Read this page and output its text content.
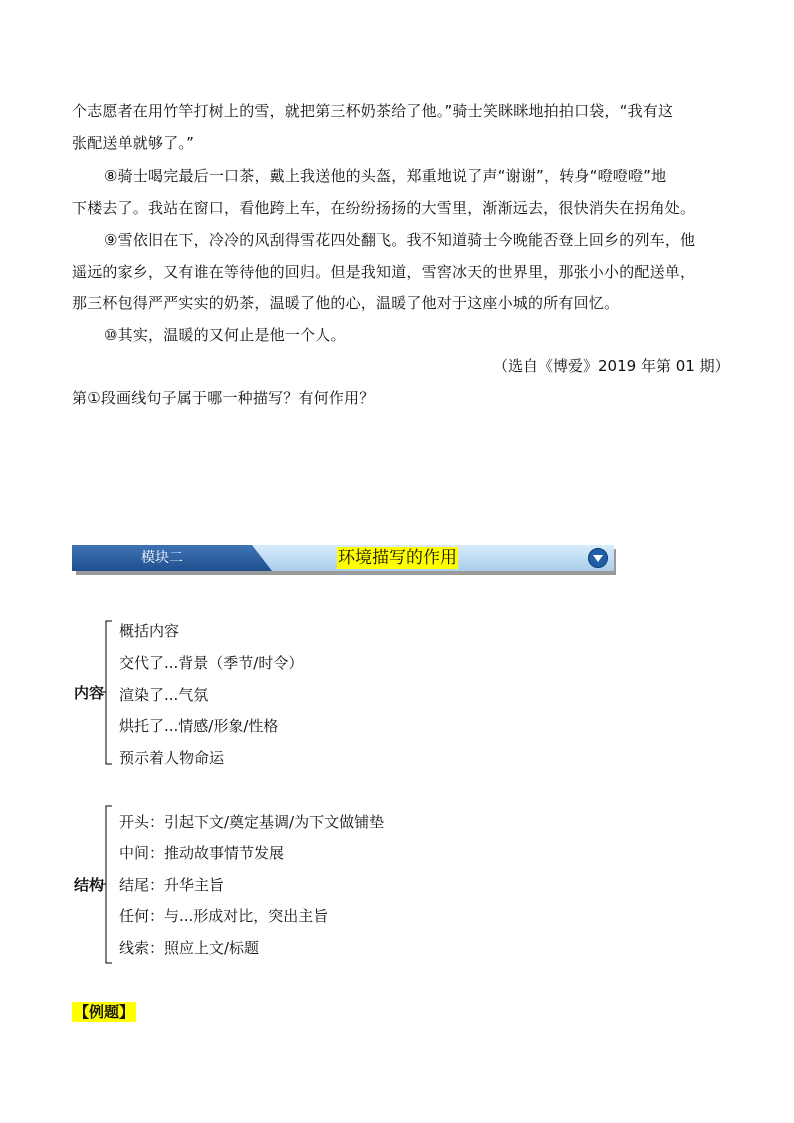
个志愿者在用竹竿打树上的雪，就把第三杯奶茶给了他。”骑士笑眯眯地拍拍口袋，“我有这
张配送单就够了。”
⑧骑士喝完最后一口茶，戴上我送他的头盔，郑重地说了声“谢谢”，转身“噔噔噔”地
下楼去了。我站在窗口，看他跨上车，在纷纷扬扬的大雪里，渐渐远去，很快消失在拐角处。
⑨雪依旧在下，冷冷的风刮得雪花四处翻飞。我不知道骑士今晚能否登上回乡的列车，他
遥远的家乡，又有谁在等待他的回归。但是我知道，雪窖冰天的世界里，那张小小的配送单，
那三杯包得严严实实的奶茶，温暖了他的心，温暖了他对于这座小城的所有回忆。
⑩其实，温暖的又何止是他一个人。
（选自《博爱》2019 年第 01 期）
第①段画线句子属于哪一种描写？有何作用？
模块二	环境描写的作用
内容
概括内容
交代了...背景（季节/时令）
渲染了...气氛
烘托了...情感/形象/性格
预示着人物命运
结构
开头：引起下文/奠定基调/为下文做铺垫
中间：推动故事情节发展
结尾：升华主旨
任何：与...形成对比，突出主旨
线索：照应上文/标题
【例题】
